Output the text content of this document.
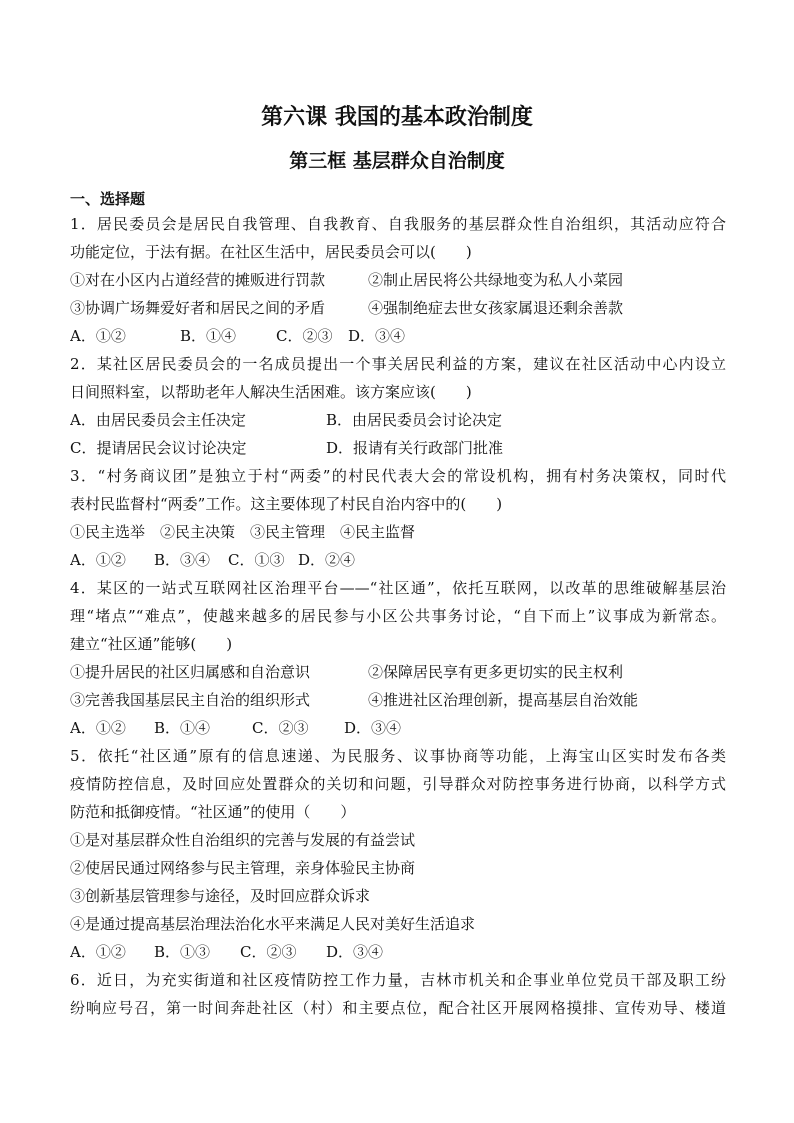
第六课 我国的基本政治制度
第三框 基层群众自治制度
一、选择题
1．居民委员会是居民自我管理、自我教育、自我服务的基层群众性自治组织，其活动应符合
功能定位，于法有据。在社区生活中，居民委员会可以(　　)
①对在小区内占道经营的摊贩进行罚款	②制止居民将公共绿地变为私人小菜园
③协调广场舞爱好者和居民之间的矛盾	④强制绝症去世女孩家属退还剩余善款
A．①②	B．①④	C．②③ D．③④
2．某社区居民委员会的一名成员提出一个事关居民利益的方案，建议在社区活动中心内设立
日间照料室，以帮助老年人解决生活困难。该方案应该(　　)
A．由居民委员会主任决定	B．由居民委员会讨论决定
C．提请居民会议讨论决定	D．报请有关行政部门批准
3．“村务商议团”是独立于村“两委”的村民代表大会的常设机构，拥有村务决策权，同时代
表村民监督村“两委”工作。这主要体现了村民自治内容中的(　　)
①民主选举　②民主决策　③民主管理　④民主监督
A．①② B．③④ C．①③ D．②④
4．某区的一站式互联网社区治理平台——“社区通”，依托互联网，以改革的思维破解基层治
理“堵点”“难点”，使越来越多的居民参与小区公共事务讨论，“自下而上”议事成为新常态。
建立“社区通”能够(　　)
①提升居民的社区归属感和自治意识	②保障居民享有更多更切实的民主权利
③完善我国基层民主自治的组织形式	④推进社区治理创新，提高基层自治效能
A．①② B．①④	C．②③ D．③④
5．依托“社区通”原有的信息速递、为民服务、议事协商等功能，上海宝山区实时发布各类
疫情防控信息，及时回应处置群众的关切和问题，引导群众对防控事务进行协商，以科学方式
防范和抵御疫情。“社区通”的使用（　　）
①是对基层群众性自治组织的完善与发展的有益尝试
②使居民通过网络参与民主管理，亲身体验民主协商
③创新基层管理参与途径，及时回应群众诉求
④是通过提高基层治理法治化水平来满足人民对美好生活追求
A．①② B．①③ C．②③ D．③④
6．近日，为充实街道和社区疫情防控工作力量，吉林市机关和企事业单位党员干部及职工纷
纷响应号召，第一时间奔赴社区（村）和主要点位，配合社区开展网格摸排、宣传劝导、楼道
